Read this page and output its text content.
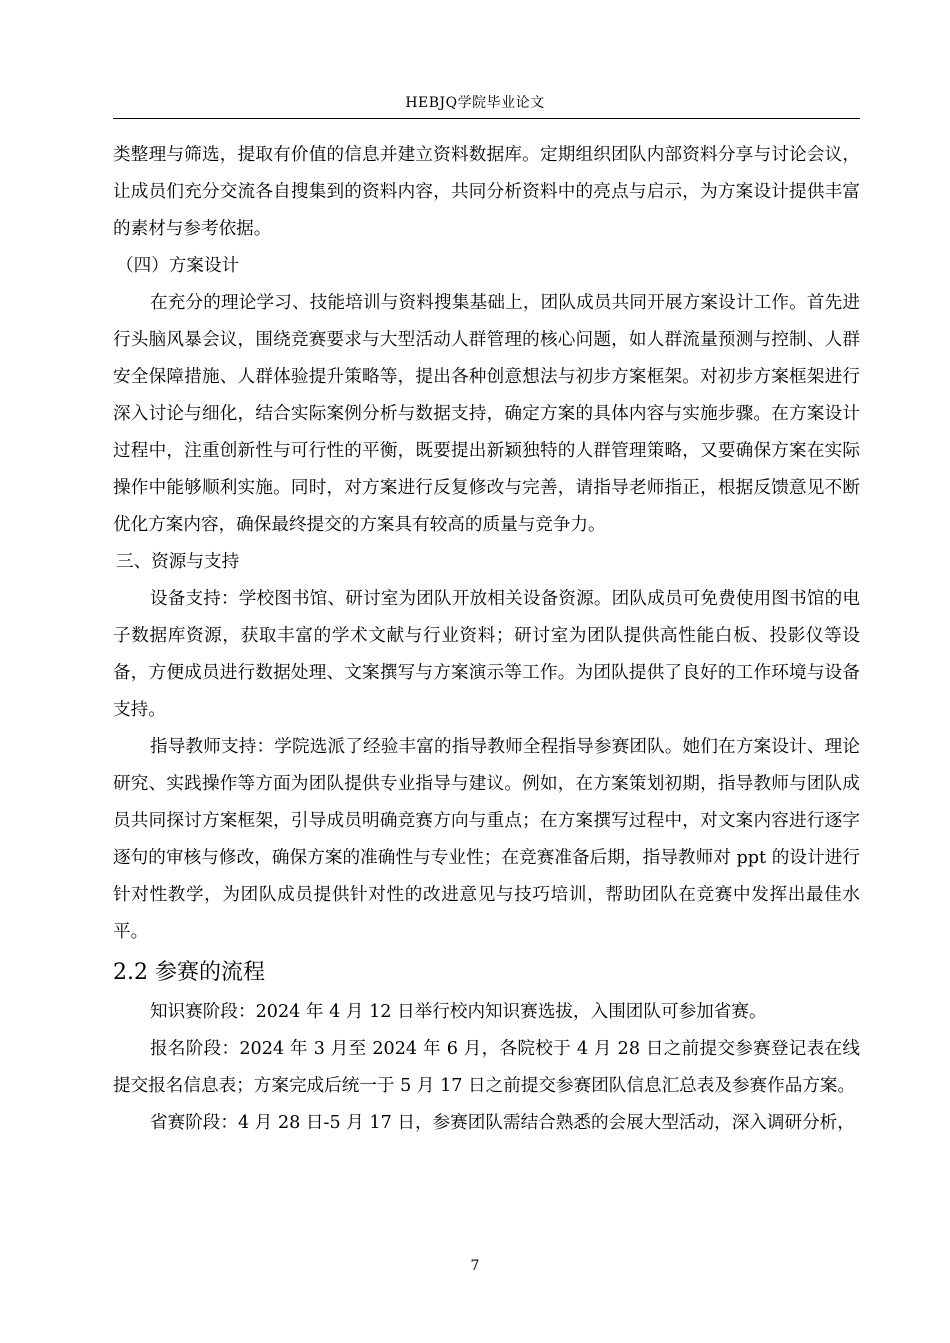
HEBJQ学院毕业论文

类整理与筛选，提取有价值的信息并建立资料数据库。定期组织团队内部资料分享与讨论会议，让成员们充分交流各自搜集到的资料内容，共同分析资料中的亮点与启示，为方案设计提供丰富的素材与参考依据。

（四）方案设计

在充分的理论学习、技能培训与资料搜集基础上，团队成员共同开展方案设计工作。首先进行头脑风暴会议，围绕竞赛要求与大型活动人群管理的核心问题，如人群流量预测与控制、人群安全保障措施、人群体验提升策略等，提出各种创意想法与初步方案框架。对初步方案框架进行深入讨论与细化，结合实际案例分析与数据支持，确定方案的具体内容与实施步骤。在方案设计过程中，注重创新性与可行性的平衡，既要提出新颖独特的人群管理策略，又要确保方案在实际操作中能够顺利实施。同时，对方案进行反复修改与完善，请指导老师指正，根据反馈意见不断优化方案内容，确保最终提交的方案具有较高的质量与竞争力。

三、资源与支持

设备支持：学校图书馆、研讨室为团队开放相关设备资源。团队成员可免费使用图书馆的电子数据库资源，获取丰富的学术文献与行业资料；研讨室为团队提供高性能白板、投影仪等设备，方便成员进行数据处理、文案撰写与方案演示等工作。为团队提供了良好的工作环境与设备支持。

指导教师支持：学院选派了经验丰富的指导教师全程指导参赛团队。她们在方案设计、理论研究、实践操作等方面为团队提供专业指导与建议。例如，在方案策划初期，指导教师与团队成员共同探讨方案框架，引导成员明确竞赛方向与重点；在方案撰写过程中，对文案内容进行逐字逐句的审核与修改，确保方案的准确性与专业性；在竞赛准备后期，指导教师对 ppt 的设计进行针对性教学，为团队成员提供针对性的改进意见与技巧培训，帮助团队在竞赛中发挥出最佳水平。

2.2 参赛的流程

知识赛阶段：2024 年 4 月 12 日举行校内知识赛选拔，入围团队可参加省赛。

报名阶段：2024 年 3 月至 2024 年 6 月，各院校于 4 月 28 日之前提交参赛登记表在线提交报名信息表；方案完成后统一于 5 月 17 日之前提交参赛团队信息汇总表及参赛作品方案。

省赛阶段：4 月 28 日-5 月 17 日，参赛团队需结合熟悉的会展大型活动，深入调研分析，

7
